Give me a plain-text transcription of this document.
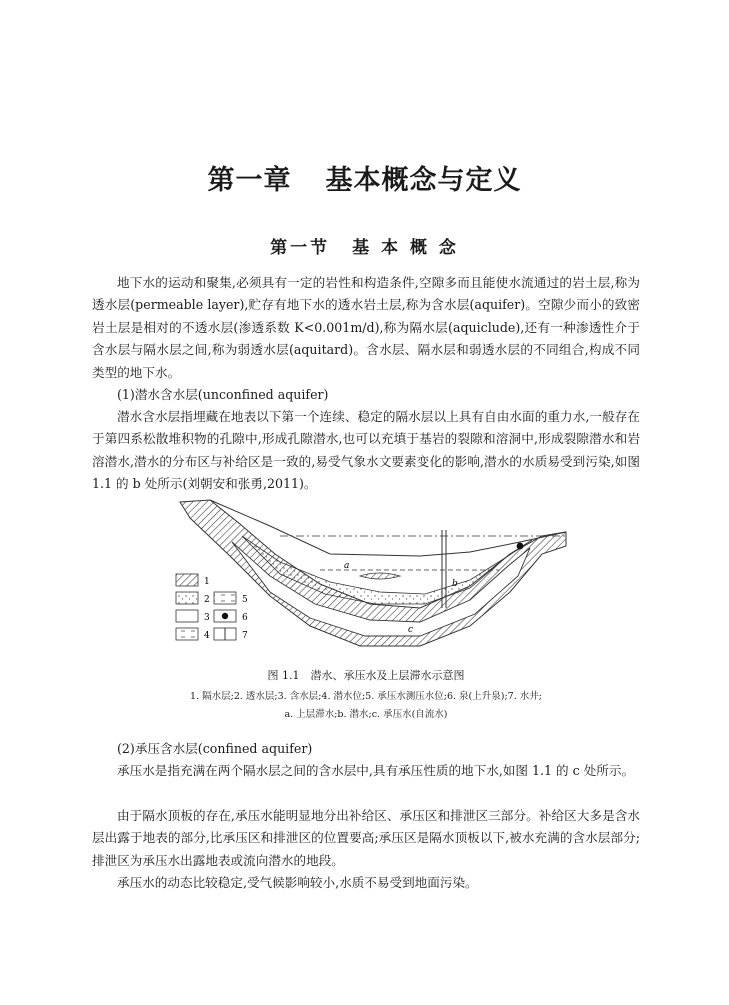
第一章 基本概念与定义
第一节 基 本 概 念

地下水的运动和聚集,必须具有一定的岩性和构造条件,空隙多而且能使水流通过的岩土层,称为透水层(permeable layer),贮存有地下水的透水岩土层,称为含水层(aquifer)。空隙少而小的致密岩土层是相对的不透水层(渗透系数 K<0.001m/d),称为隔水层(aquiclude),还有一种渗透性介于含水层与隔水层之间,称为弱透水层(aquitard)。含水层、隔水层和弱透水层的不同组合,构成不同类型的地下水。

(1)潜水含水层(unconfined aquifer)

潜水含水层指埋藏在地表以下第一个连续、稳定的隔水层以上具有自由水面的重力水,一般存在于第四系松散堆积物的孔隙中,形成孔隙潜水,也可以充填于基岩的裂隙和溶洞中,形成裂隙潜水和岩溶潜水,潜水的分布区与补给区是一致的,易受气象水文要素变化的影响,潜水的水质易受到污染,如图 1.1 的 b 处所示(刘朝安和张勇,2011)。

1
2
3
4
5
6
7
a
b
c
图 1.1　潜水、承压水及上层滞水示意图
1. 隔水层;2. 透水层;3. 含水层;4. 潜水位;5. 承压水测压水位;6. 泉(上升泉);7. 水井;
a. 上层滞水;b. 潜水;c. 承压水(自流水)

(2)承压含水层(confined aquifer)

承压水是指充满在两个隔水层之间的含水层中,具有承压性质的地下水,如图 1.1 的 c 处所示。

由于隔水顶板的存在,承压水能明显地分出补给区、承压区和排泄区三部分。补给区大多是含水层出露于地表的部分,比承压区和排泄区的位置要高;承压区是隔水顶板以下,被水充满的含水层部分;排泄区为承压水出露地表或流向潜水的地段。

承压水的动态比较稳定,受气候影响较小,水质不易受到地面污染。
